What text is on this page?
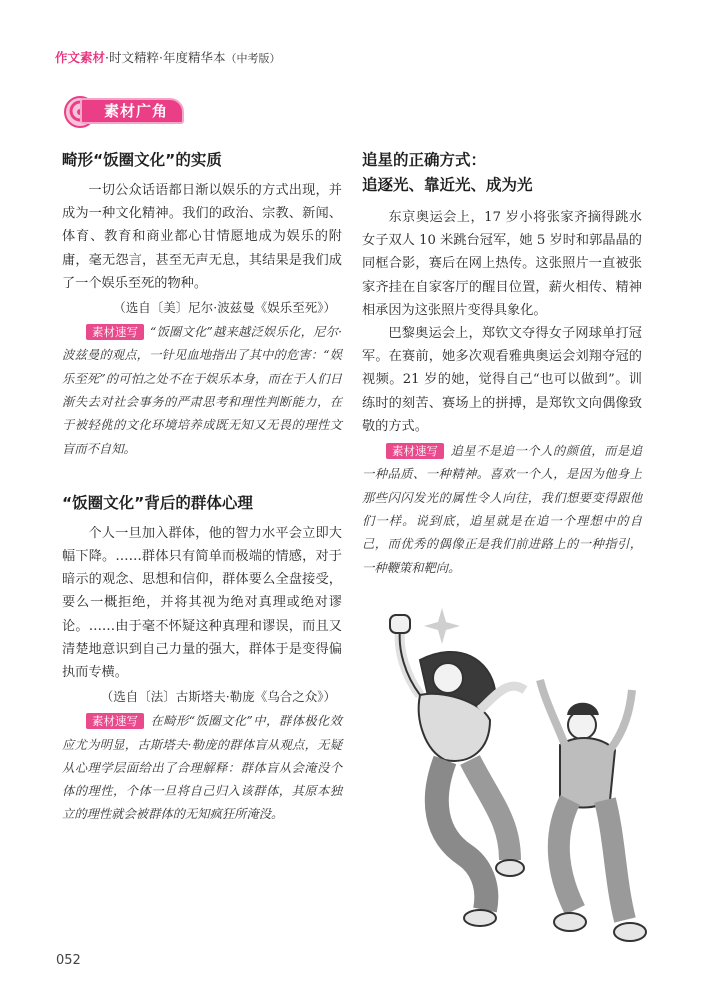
作文素材·时文精粹·年度精华本（中考版）
素材广角
畸形“饭圈文化”的实质

一切公众话语都日渐以娱乐的方式出现，并成为一种文化精神。我们的政治、宗教、新闻、体育、教育和商业都心甘情愿地成为娱乐的附庸，毫无怨言，甚至无声无息，其结果是我们成了一个娱乐至死的物种。

（选自〔美〕尼尔·波兹曼《娱乐至死》）

素材速写 “饭圈文化”越来越泛娱乐化，尼尔·波兹曼的观点，一针见血地指出了其中的危害：“娱乐至死”的可怕之处不在于娱乐本身，而在于人们日渐失去对社会事务的严肃思考和理性判断能力，在于被轻佻的文化环境培养成既无知又无畏的理性文盲而不自知。

“饭圈文化”背后的群体心理

个人一旦加入群体，他的智力水平会立即大幅下降。……群体只有简单而极端的情感，对于暗示的观念、思想和信仰，群体要么全盘接受，要么一概拒绝，并将其视为绝对真理或绝对谬论。……由于毫不怀疑这种真理和谬误，而且又清楚地意识到自己力量的强大，群体于是变得偏执而专横。

（选自〔法〕古斯塔夫·勒庞《乌合之众》）

素材速写 在畸形“饭圈文化”中，群体极化效应尤为明显，古斯塔夫·勒庞的群体盲从观点，无疑从心理学层面给出了合理解释：群体盲从会淹没个体的理性，个体一旦将自己归入该群体，其原本独立的理性就会被群体的无知疯狂所淹没。

追星的正确方式：
追逐光、靠近光、成为光

东京奥运会上，17 岁小将张家齐摘得跳水女子双人 10 米跳台冠军，她 5 岁时和郭晶晶的同框合影，赛后在网上热传。这张照片一直被张家齐挂在自家客厅的醒目位置，薪火相传、精神相承因为这张照片变得具象化。

巴黎奥运会上，郑钦文夺得女子网球单打冠军。在赛前，她多次观看雅典奥运会刘翔夺冠的视频。21 岁的她，觉得自己“也可以做到”。训练时的刻苦、赛场上的拼搏，是郑钦文向偶像致敬的方式。

素材速写 追星不是追一个人的颜值，而是追一种品质、一种精神。喜欢一个人，是因为他身上那些闪闪发光的属性令人向往，我们想要变得跟他们一样。说到底，追星就是在追一个理想中的自己，而优秀的偶像正是我们前进路上的一种指引，一种鞭策和靶向。

052
